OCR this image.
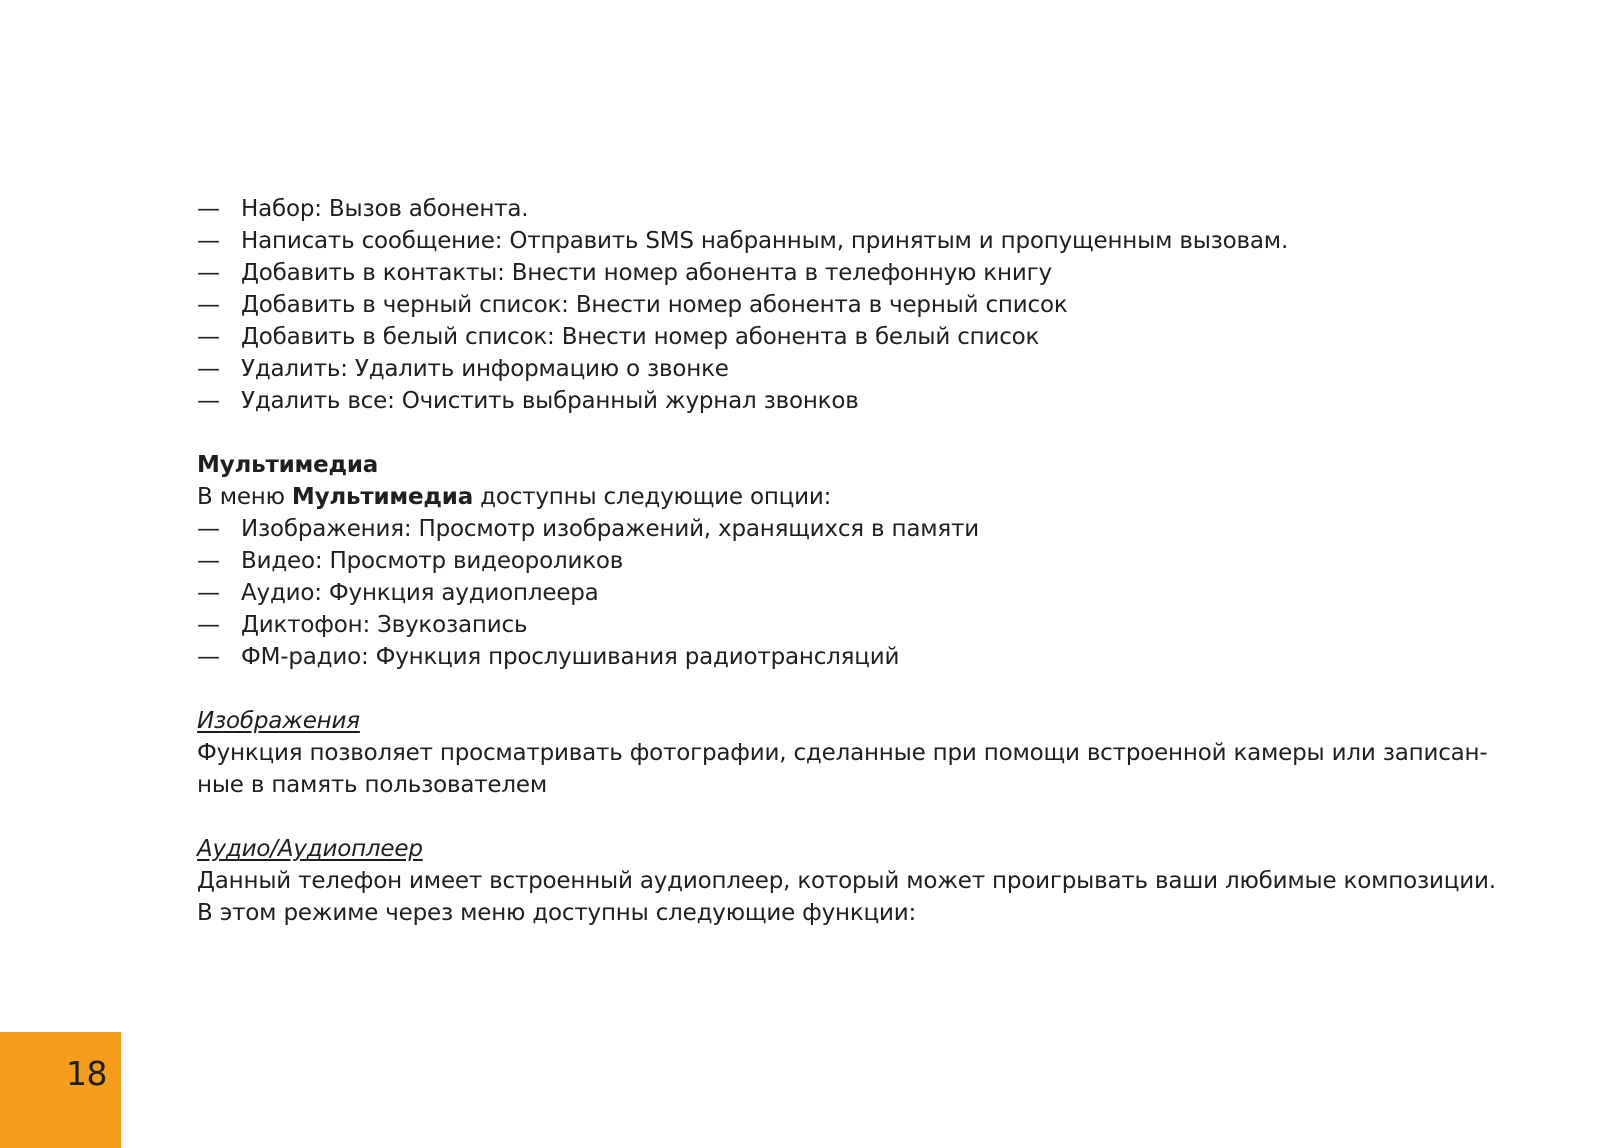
— Набор: Вызов абонента.
— Написать сообщение: Отправить SMS набранным, принятым и пропущенным вызовам.
— Добавить в контакты: Внести номер абонента в телефонную книгу
— Добавить в черный список: Внести номер абонента в черный список
— Добавить в белый список: Внести номер абонента в белый список
— Удалить: Удалить информацию о звонке
— Удалить все: Очистить выбранный журнал звонков
Мультимедиа
В меню Мультимедиа доступны следующие опции:
— Изображения: Просмотр изображений, хранящихся в памяти
— Видео: Просмотр видеороликов
— Аудио: Функция аудиоплеера
— Диктофон: Звукозапись
— ФМ-радио: Функция прослушивания радиотрансляций
Изображения
Функция позволяет просматривать фотографии, сделанные при помощи встроенной камеры или записан-
ные в память пользователем
Аудио/Аудиоплеер
Данный телефон имеет встроенный аудиоплеер, который может проигрывать ваши любимые композиции.
В этом режиме через меню доступны следующие функции:
18
